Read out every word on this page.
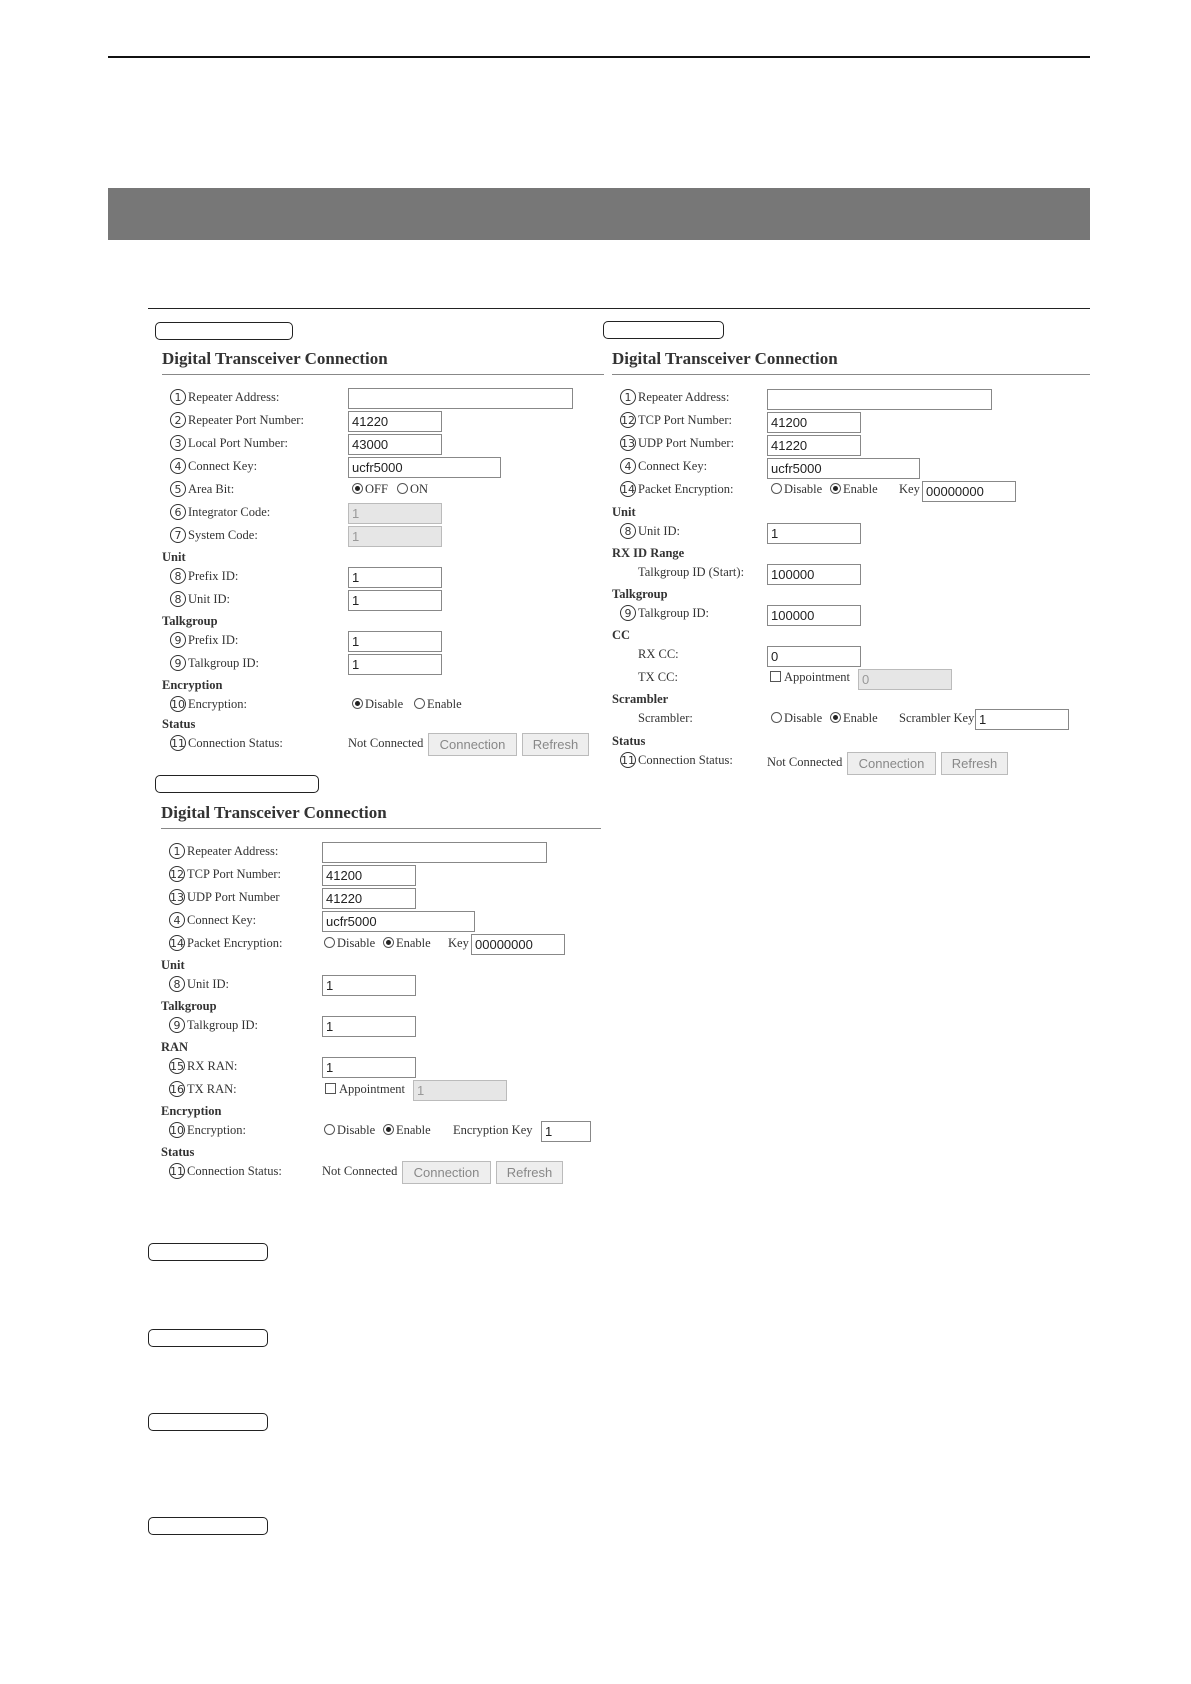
Digital Transceiver Connection
1 Repeater Address:
2 Repeater Port Number:	41220
3 Local Port Number:	43000
4 Connect Key:	ucfr5000
5 Area Bit:	OFF	ON
6 Integrator Code:	1
7 System Code:	1
Unit
8 Prefix ID:	1
8 Unit ID:	1
Talkgroup
9 Prefix ID:	1
9 Talkgroup ID:	1
Encryption
10 Encryption:	Disable	Enable
Status
11 Connection Status:	Not Connected	Connection	Refresh
Digital Transceiver Connection
1 Repeater Address:
12 TCP Port Number:	41200
13 UDP Port Number	41220
4 Connect Key:	ucfr5000
14 Packet Encryption:	Disable	Enable Key 00000000
Unit
8 Unit ID:	1
Talkgroup
9 Talkgroup ID:	1
RAN
15 RX RAN:	1
16 TX RAN:	Appointment 1
Encryption
10 Encryption:	Disable	Enable Encryption Key 1
Status
11 Connection Status:	Not Connected	Connection	Refresh
Digital Transceiver Connection
1 Repeater Address:
12 TCP Port Number:	41200
13 UDP Port Number:	41220
4 Connect Key:	ucfr5000
14 Packet Encryption:	Disable	Enable Key 00000000
Unit
8 Unit ID:	1
RX ID Range
Talkgroup ID (Start):	100000
Talkgroup
9 Talkgroup ID:	100000
CC
RX CC:	0
TX CC:	Appointment 0
Scrambler
Scrambler:	Disable	Enable Scrambler Key 1
Status
11 Connection Status:	Not Connected	Connection	Refresh
